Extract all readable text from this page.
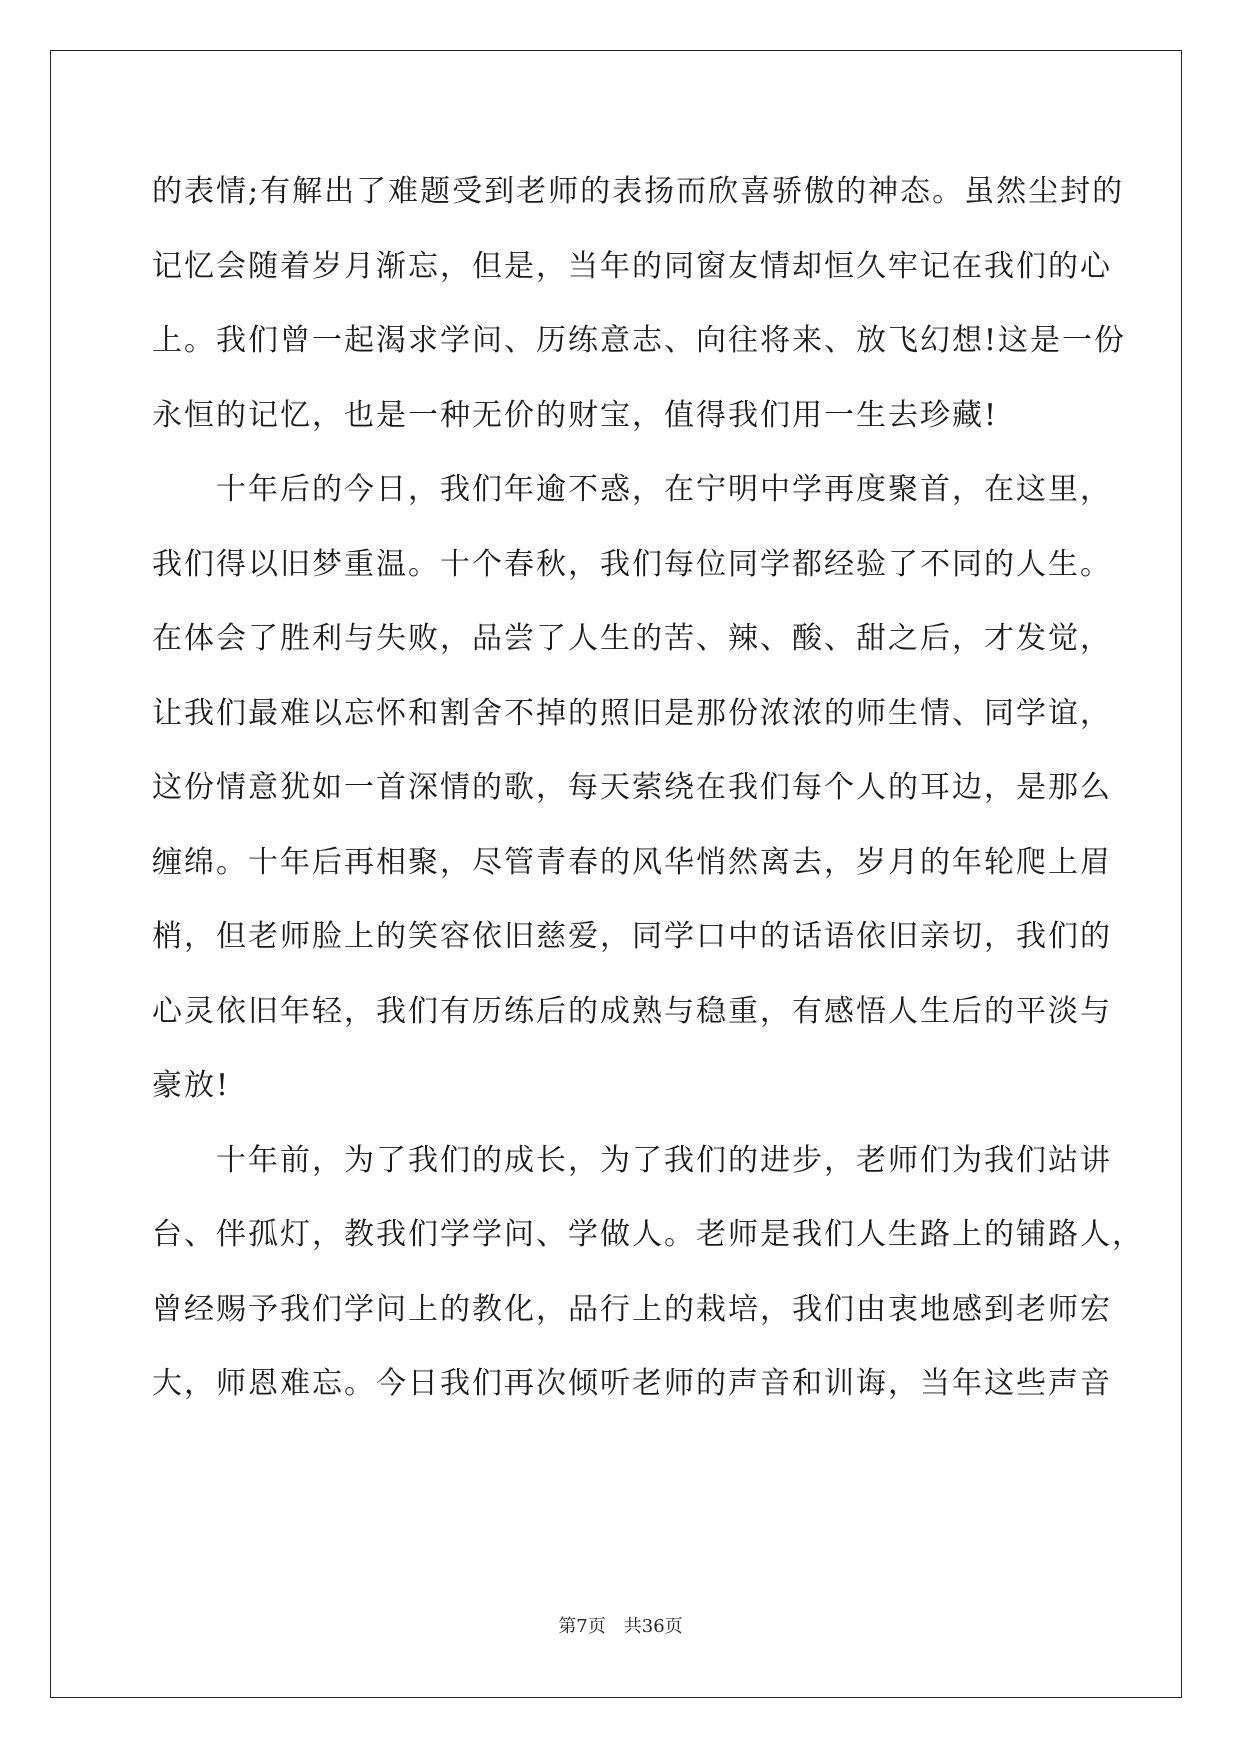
的表情;有解出了难题受到老师的表扬而欣喜骄傲的神态。虽然尘封的
记忆会随着岁月渐忘，但是，当年的同窗友情却恒久牢记在我们的心
上。我们曾一起渴求学问、历练意志、向往将来、放飞幻想!这是一份
永恒的记忆，也是一种无价的财宝，值得我们用一生去珍藏!
十年后的今日，我们年逾不惑，在宁明中学再度聚首，在这里，
我们得以旧梦重温。十个春秋，我们每位同学都经验了不同的人生。
在体会了胜利与失败，品尝了人生的苦、辣、酸、甜之后，才发觉，
让我们最难以忘怀和割舍不掉的照旧是那份浓浓的师生情、同学谊，
这份情意犹如一首深情的歌，每天萦绕在我们每个人的耳边，是那么
缠绵。十年后再相聚，尽管青春的风华悄然离去，岁月的年轮爬上眉
梢，但老师脸上的笑容依旧慈爱，同学口中的话语依旧亲切，我们的
心灵依旧年轻，我们有历练后的成熟与稳重，有感悟人生后的平淡与
豪放!
十年前，为了我们的成长，为了我们的进步，老师们为我们站讲
台、伴孤灯，教我们学学问、学做人。老师是我们人生路上的铺路人，
曾经赐予我们学问上的教化，品行上的栽培，我们由衷地感到老师宏
大，师恩难忘。今日我们再次倾听老师的声音和训诲，当年这些声音
第7页 共36页
